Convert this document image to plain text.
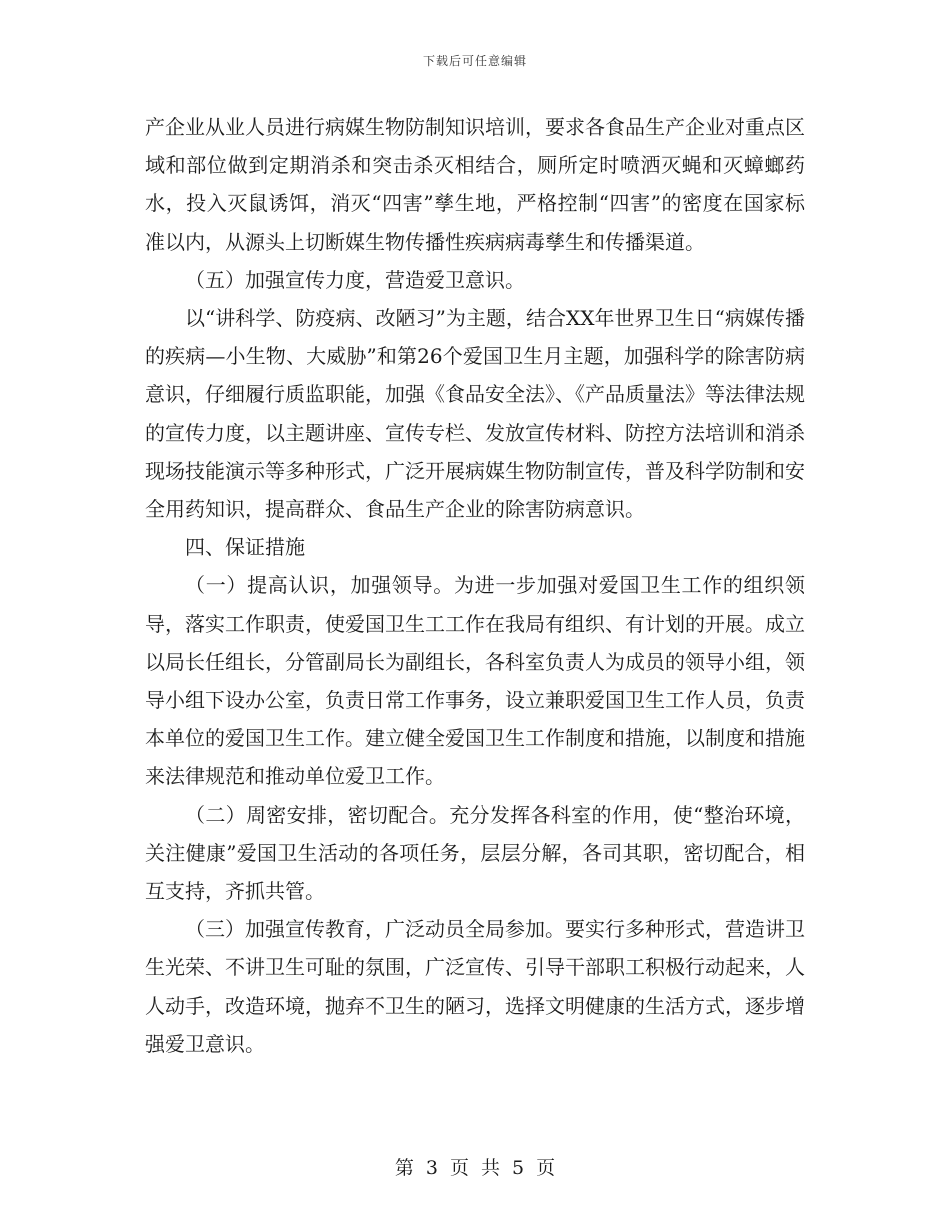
下载后可任意编辑

产企业从业人员进行病媒生物防制知识培训，要求各食品生产企业对重点区域和部位做到定期消杀和突击杀灭相结合，厕所定时喷洒灭蝇和灭蟑螂药水，投入灭鼠诱饵，消灭“四害”孳生地，严格控制“四害”的密度在国家标准以内，从源头上切断媒生物传播性疾病病毒孳生和传播渠道。

（五）加强宣传力度，营造爱卫意识。

以“讲科学、防疫病、改陋习”为主题，结合XX年世界卫生日“病媒传播的疾病—小生物、大威胁”和第26个爱国卫生月主题，加强科学的除害防病意识，仔细履行质监职能，加强《食品安全法》、《产品质量法》等法律法规的宣传力度，以主题讲座、宣传专栏、发放宣传材料、防控方法培训和消杀现场技能演示等多种形式，广泛开展病媒生物防制宣传，普及科学防制和安全用药知识，提高群众、食品生产企业的除害防病意识。

四、保证措施

（一）提高认识，加强领导。为进一步加强对爱国卫生工作的组织领导，落实工作职责，使爱国卫生工工作在我局有组织、有计划的开展。成立以局长任组长，分管副局长为副组长，各科室负责人为成员的领导小组，领导小组下设办公室，负责日常工作事务，设立兼职爱国卫生工作人员，负责本单位的爱国卫生工作。建立健全爱国卫生工作制度和措施，以制度和措施来法律规范和推动单位爱卫工作。

（二）周密安排，密切配合。充分发挥各科室的作用，使“整治环境，关注健康”爱国卫生活动的各项任务，层层分解，各司其职，密切配合，相互支持，齐抓共管。

（三）加强宣传教育，广泛动员全局参加。要实行多种形式，营造讲卫生光荣、不讲卫生可耻的氛围，广泛宣传、引导干部职工积极行动起来，人人动手，改造环境，抛弃不卫生的陋习，选择文明健康的生活方式，逐步增强爱卫意识。

第 3 页 共 5 页
